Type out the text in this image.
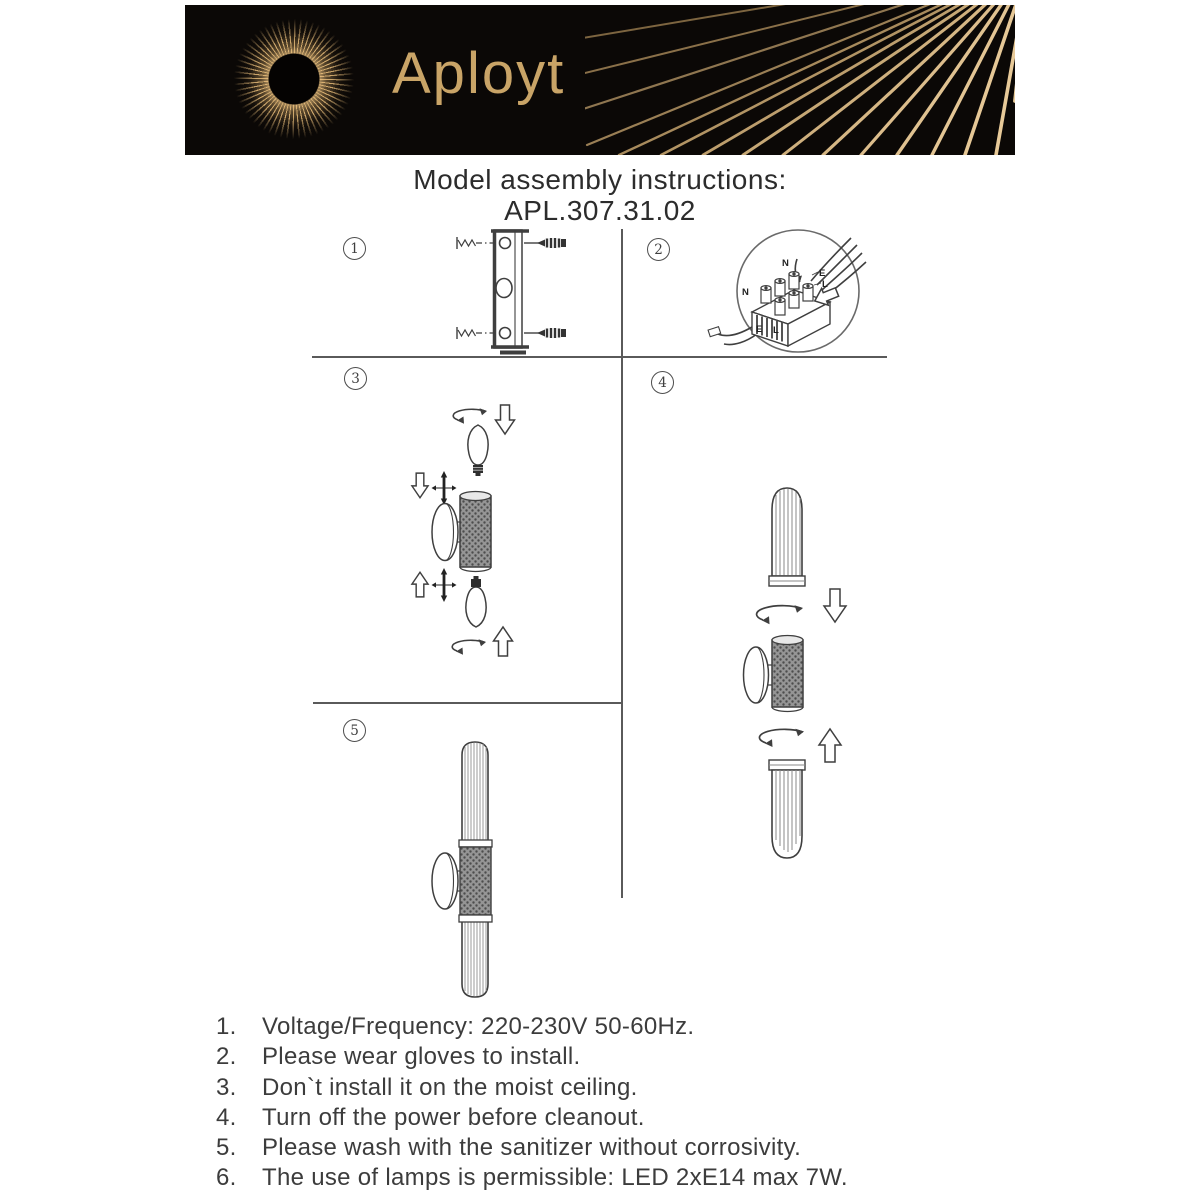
Aployt
Model assembly instructions:
APL.307.31.02
1	2
3	4
5
N
E
L
N
E L
1.	Voltage/Frequency: 220-230V 50-60Hz.
2.	Please wear gloves to install.
3.	Don`t install it on the moist ceiling.
4.	Turn off the power before cleanout.
5.	Please wash with the sanitizer without corrosivity.
6.	The use of lamps is permissible: LED 2xE14 max 7W.
